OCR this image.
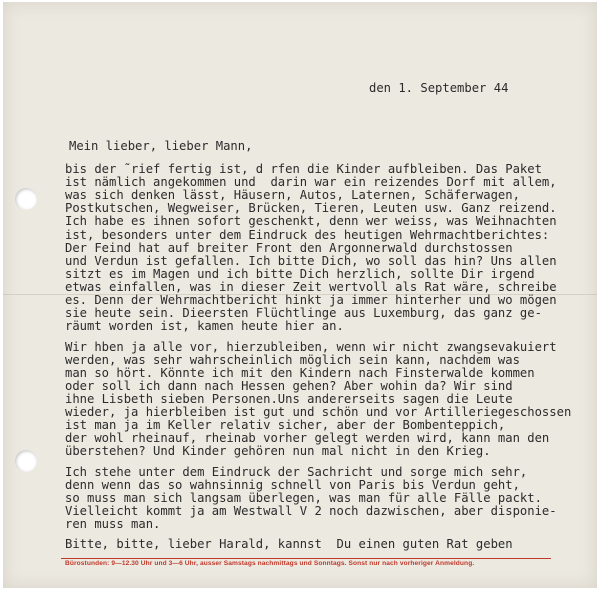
den 1. September 44
Mein lieber, lieber Mann,
bis der ˜rief fertig ist, d rfen die Kinder aufbleiben. Das Paket
ist nämlich angekommen und  darin war ein reizendes Dorf mit allem,
was sich denken lässt, Häusern, Autos, Laternen, Schäferwagen,
Postkutschen, Wegweiser, Brücken, Tieren, Leuten usw. Ganz reizend.
Ich habe es ihnen sofort geschenkt, denn wer weiss, was Weihnachten
ist, besonders unter dem Eindruck des heutigen Wehrmachtberichtes:
Der Feind hat auf breiter Front den Argonnerwald durchstossen
und Verdun ist gefallen. Ich bitte Dich, wo soll das hin? Uns allen
sitzt es im Magen und ich bitte Dich herzlich, sollte Dir irgend
etwas einfallen, was in dieser Zeit wertvoll als Rat wäre, schreibe
es. Denn der Wehrmachtbericht hinkt ja immer hinterher und wo mögen
sie heute sein. Dieersten Flüchtlinge aus Luxemburg, das ganz ge-
räumt worden ist, kamen heute hier an.
Wir hben ja alle vor, hierzubleiben, wenn wir nicht zwangsevakuiert
werden, was sehr wahrscheinlich möglich sein kann, nachdem was
man so hört. Könnte ich mit den Kindern nach Finsterwalde kommen
oder soll ich dann nach Hessen gehen? Aber wohin da? Wir sind
ihne Lisbeth sieben Personen.Uns andererseits sagen die Leute
wieder, ja hierbleiben ist gut und schön und vor Artilleriegeschossen
ist man ja im Keller relativ sicher, aber der Bombenteppich,
der wohl rheinauf, rheinab vorher gelegt werden wird, kann man den
überstehen? Und Kinder gehören nun mal nicht in den Krieg.
Ich stehe unter dem Eindruck der Sachricht und sorge mich sehr,
denn wenn das so wahnsinnig schnell von Paris bis Verdun geht,
so muss man sich langsam überlegen, was man für alle Fälle packt.
Vielleicht kommt ja am Westwall V 2 noch dazwischen, aber disponie-
ren muss man.
Bitte, bitte, lieber Harald, kannst  Du einen guten Rat geben
Bürostunden: 9—12.30 Uhr und 3—6 Uhr, ausser Samstags nachmittags und Sonntags. Sonst nur nach vorheriger Anmeldung.
